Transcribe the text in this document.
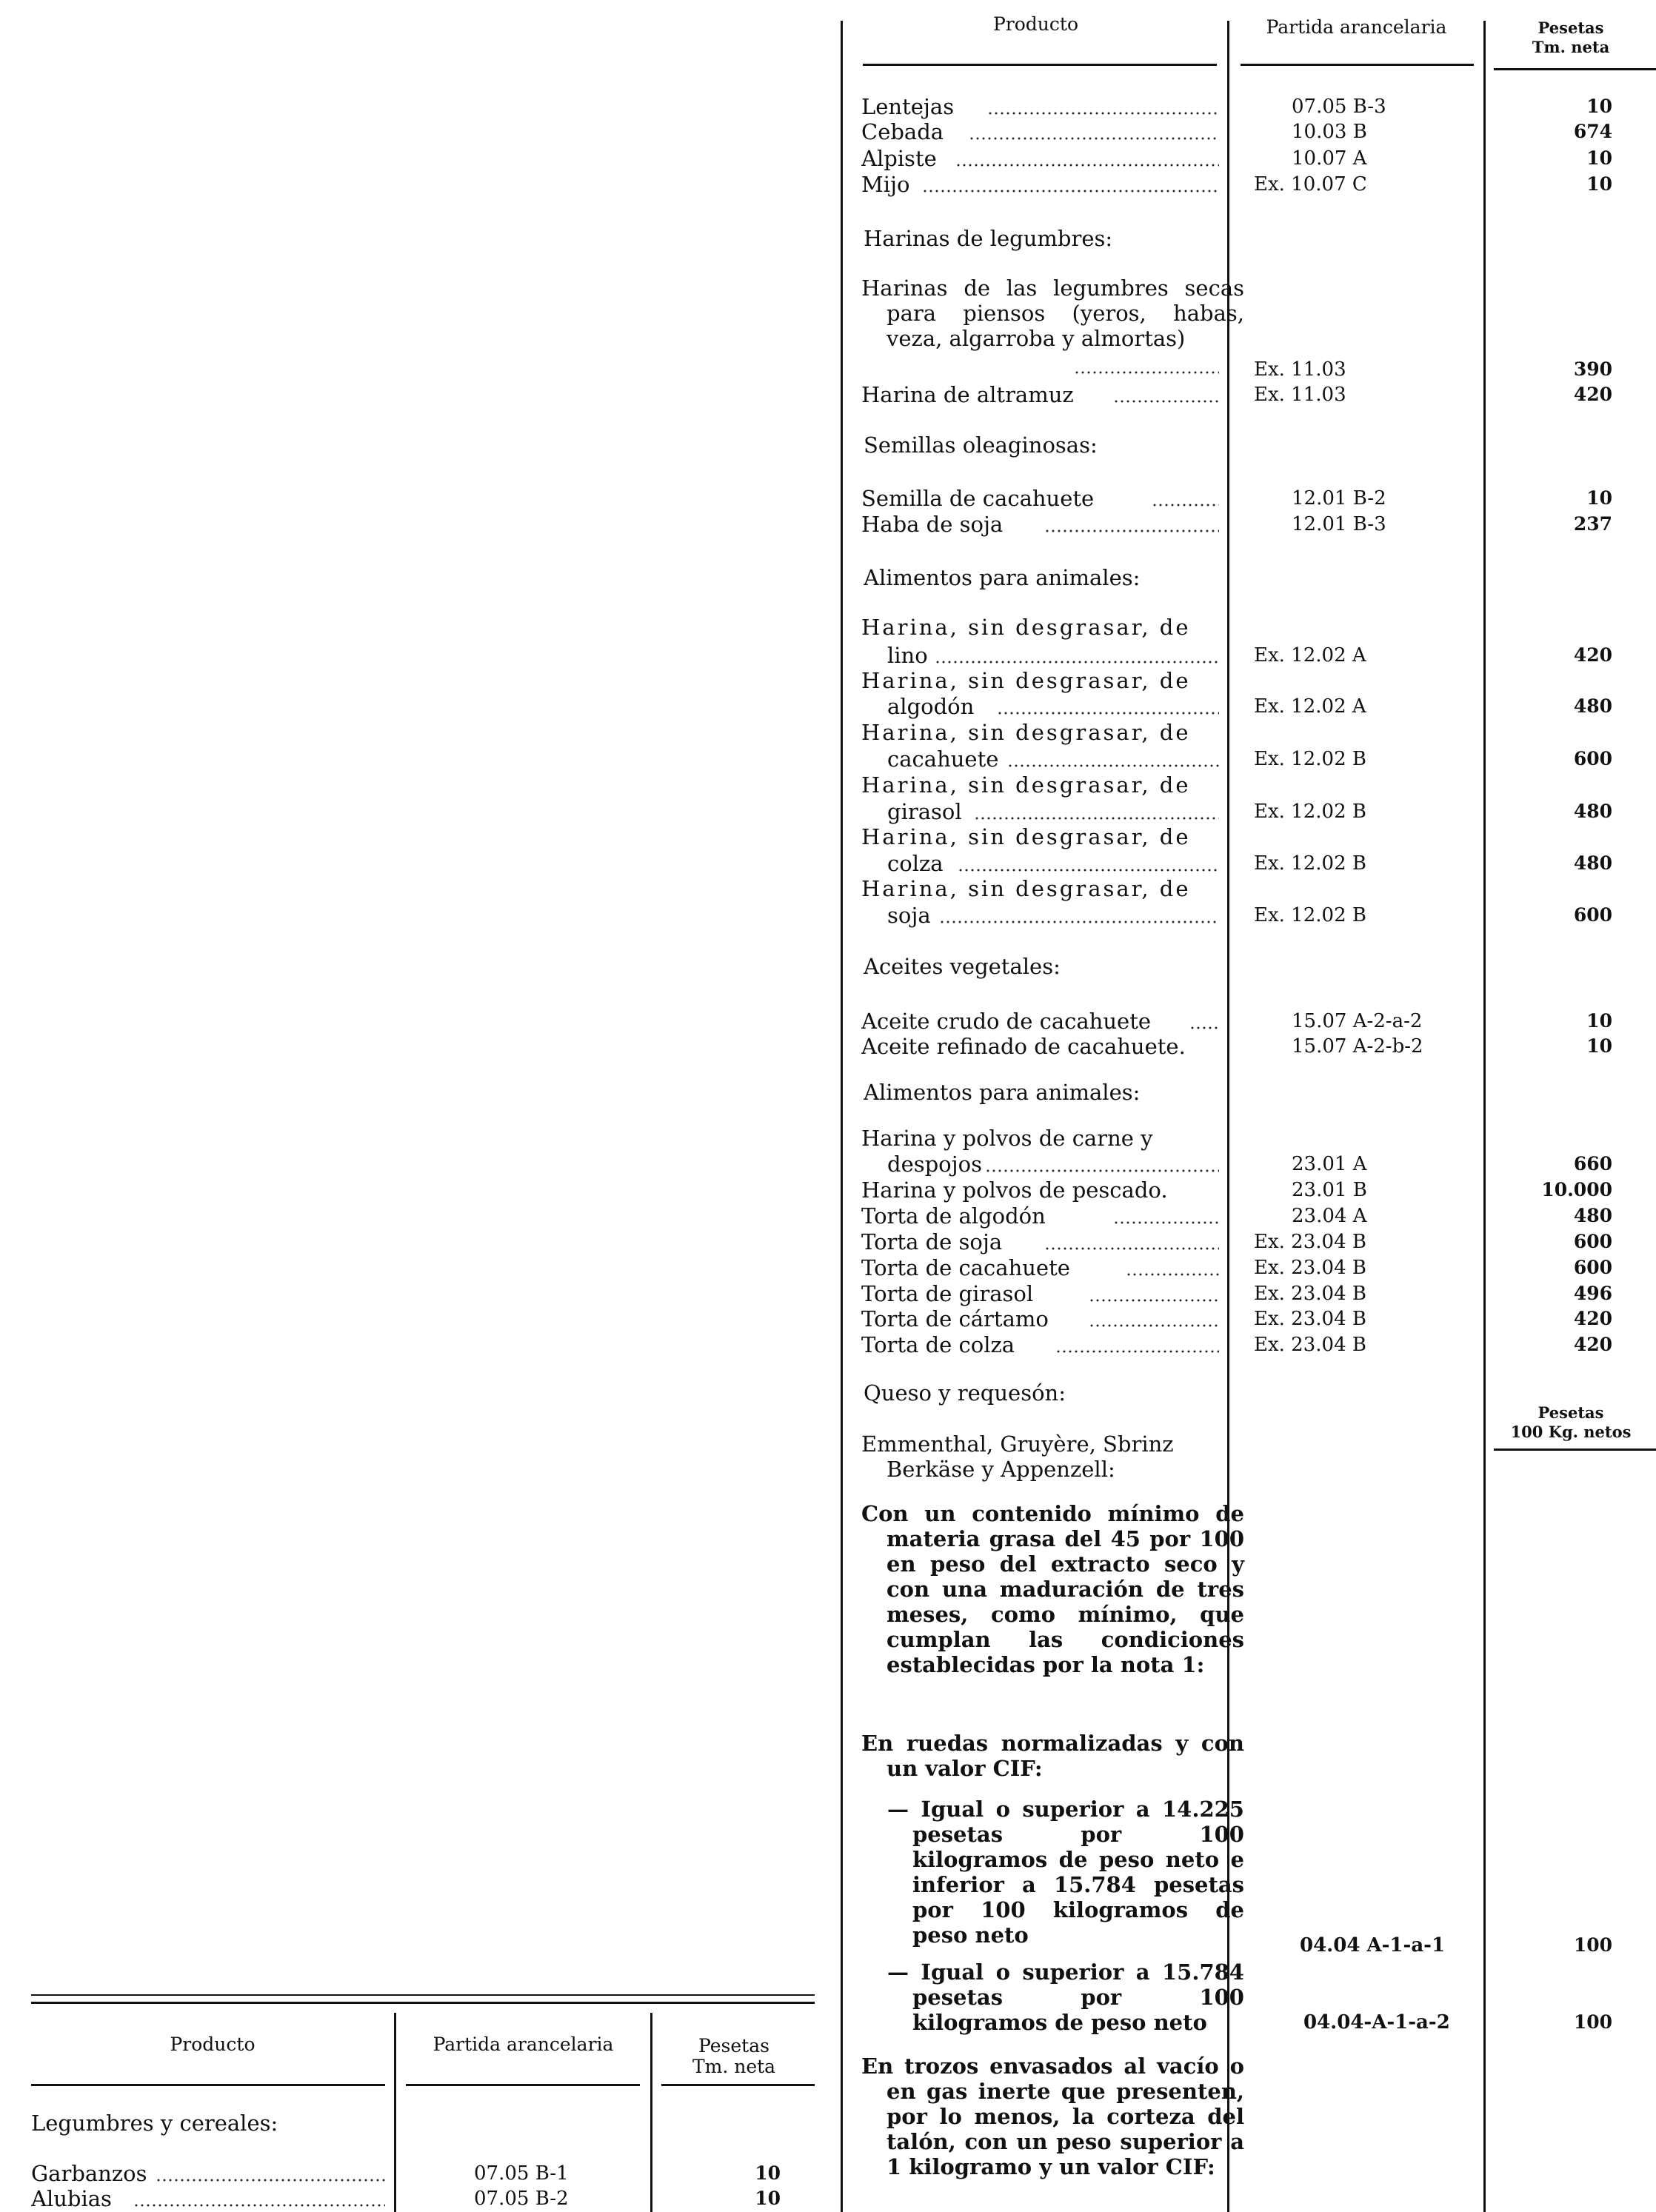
Producto	Partida arancelaria	Pesetas
Tm. neta
Legumbres y cereales:
Garbanzos	07.05 B-1	10
Alubias	07.05 B-2	10
Producto	Partida arancelaria	Pesetas
Tm. neta
Lentejas	07.05 B-3	10
Cebada	10.03 B	674
Alpiste	10.07 A	10
Mijo	Ex. 10.07 C	10
Harinas de legumbres:
Harinas de las legumbres secas para piensos (yeros, habas, veza, algarroba y almortas)
Ex. 11.03	390
Harina de altramuz	Ex. 11.03	420
Semillas oleaginosas:
Semilla de cacahuete	12.01 B-2	10
Haba de soja	12.01 B-3	237
Alimentos para animales:
Harina, sin desgrasar, de
lino	Ex. 12.02 A	420
Harina, sin desgrasar, de
algodón	Ex. 12.02 A	480
Harina, sin desgrasar, de
cacahuete	Ex. 12.02 B	600
Harina, sin desgrasar, de
girasol	Ex. 12.02 B	480
Harina, sin desgrasar, de
colza	Ex. 12.02 B	480
Harina, sin desgrasar, de
soja	Ex. 12.02 B	600
Aceites vegetales:
Aceite crudo de cacahuete	15.07 A-2-a-2	10
Aceite refinado de cacahuete.	15.07 A-2-b-2	10
Alimentos para animales:
Harina y polvos de carne y
despojos	23.01 A	660
Harina y polvos de pescado.	23.01 B	10.000
Torta de algodón	23.04 A	480
Torta de soja	Ex. 23.04 B	600
Torta de cacahuete	Ex. 23.04 B	600
Torta de girasol	Ex. 23.04 B	496
Torta de cártamo	Ex. 23.04 B	420
Torta de colza	Ex. 23.04 B	420
Queso y requesón:
Pesetas
100 Kg. netos
Emmenthal, Gruyère, Sbrinz Berkäse y Appenzell:
Con un contenido mínimo de materia grasa del 45 por 100 en peso del extracto seco y con una maduración de tres meses, como mínimo, que cumplan las condiciones establecidas por la nota 1:
En ruedas normalizadas y con un valor CIF:
— Igual o superior a 14.225 pesetas por 100 kilogramos de peso neto e inferior a 15.784 pesetas por 100 kilogramos de peso neto	04.04 A-1-a-1	100
— Igual o superior a 15.784 pesetas por 100 kilogramos de peso neto	04.04-A-1-a-2	100
En trozos envasados al vacío o en gas inerte que presenten, por lo menos, la corteza del talón, con un peso superior a 1 kilogramo y un valor CIF:
